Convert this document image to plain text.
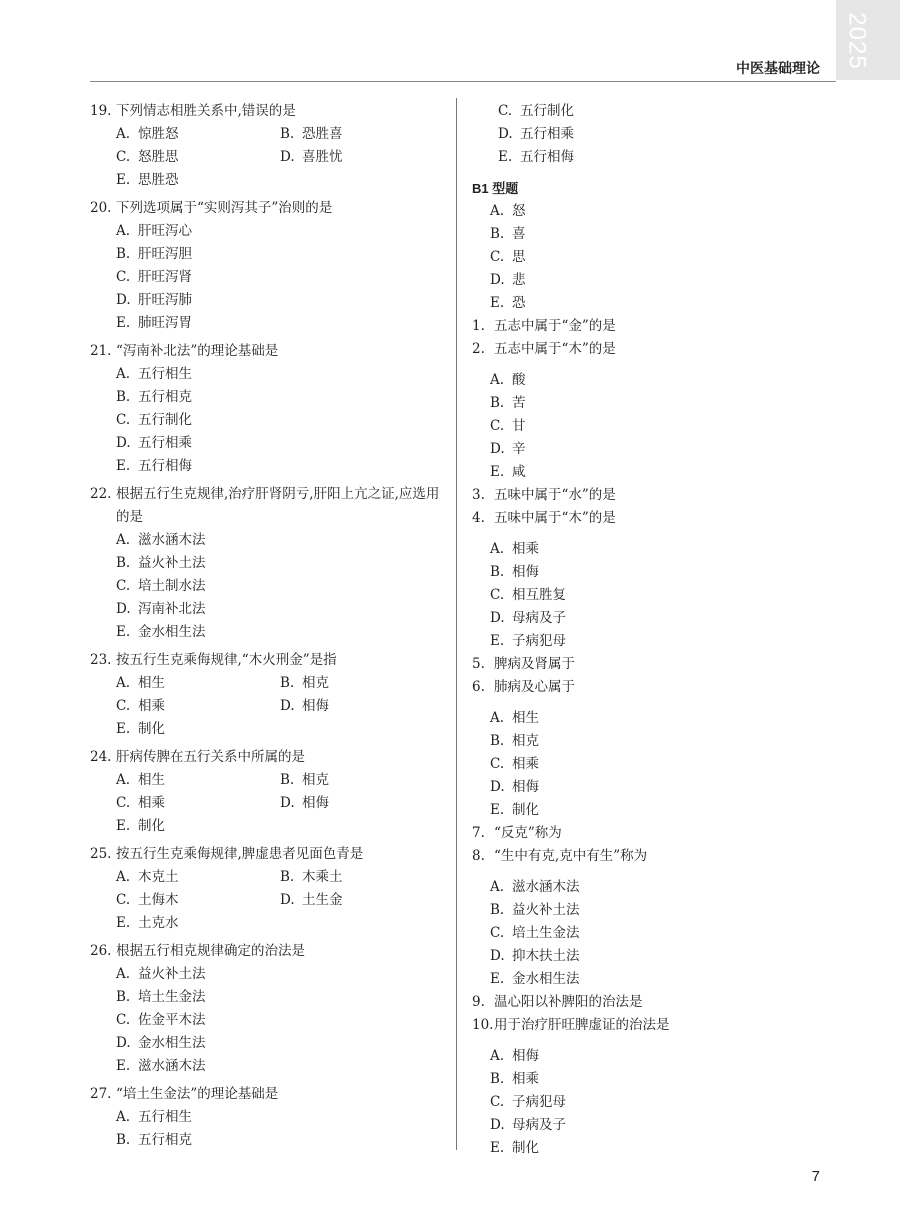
2025
中医基础理论
19. 下列情志相胜关系中,错误的是
A. 惊胜怒	B. 恐胜喜
C. 怒胜思	D. 喜胜忧
E. 思胜恐
20. 下列选项属于“实则泻其子”治则的是
A. 肝旺泻心
B. 肝旺泻胆
C. 肝旺泻肾
D. 肝旺泻肺
E. 肺旺泻胃
21. “泻南补北法”的理论基础是
A. 五行相生
B. 五行相克
C. 五行制化
D. 五行相乘
E. 五行相侮
22. 根据五行生克规律,治疗肝肾阴亏,肝阳上亢之证,应选用的是
A. 滋水涵木法
B. 益火补土法
C. 培土制水法
D. 泻南补北法
E. 金水相生法
23. 按五行生克乘侮规律,“木火刑金”是指
A. 相生	B. 相克
C. 相乘	D. 相侮
E. 制化
24. 肝病传脾在五行关系中所属的是
A. 相生	B. 相克
C. 相乘	D. 相侮
E. 制化
25. 按五行生克乘侮规律,脾虚患者见面色青是
A. 木克土	B. 木乘土
C. 土侮木	D. 土生金
E. 土克水
26. 根据五行相克规律确定的治法是
A. 益火补土法
B. 培土生金法
C. 佐金平木法
D. 金水相生法
E. 滋水涵木法
27. “培土生金法”的理论基础是
A. 五行相生
B. 五行相克
C. 五行制化
D. 五行相乘
E. 五行相侮
B1 型题
A. 怒
B. 喜
C. 思
D. 悲
E. 恐
1. 五志中属于“金”的是
2. 五志中属于“木”的是
A. 酸
B. 苦
C. 甘
D. 辛
E. 咸
3. 五味中属于“水”的是
4. 五味中属于“木”的是
A. 相乘
B. 相侮
C. 相互胜复
D. 母病及子
E. 子病犯母
5. 脾病及肾属于
6. 肺病及心属于
A. 相生
B. 相克
C. 相乘
D. 相侮
E. 制化
7. “反克”称为
8. “生中有克,克中有生”称为
A. 滋水涵木法
B. 益火补土法
C. 培土生金法
D. 抑木扶土法
E. 金水相生法
9. 温心阳以补脾阳的治法是
10. 用于治疗肝旺脾虚证的治法是
A. 相侮
B. 相乘
C. 子病犯母
D. 母病及子
E. 制化
7
